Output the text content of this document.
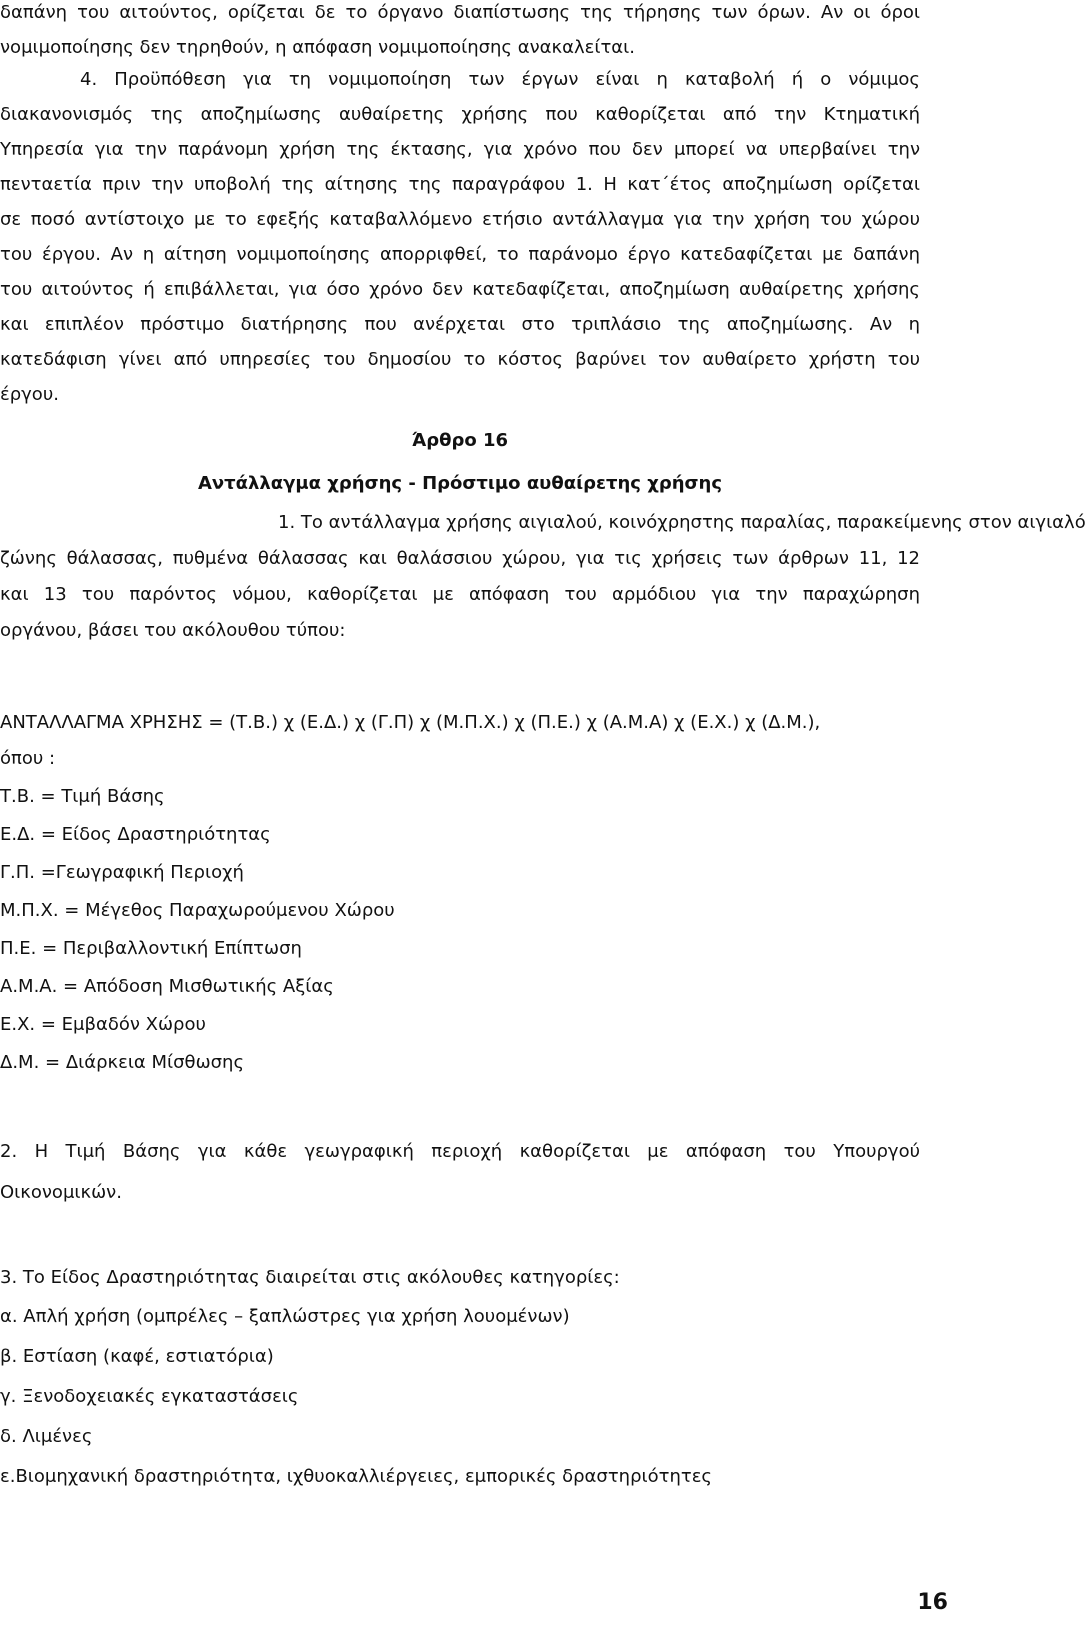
δαπάνη του αιτούντος, ορίζεται δε το όργανο διαπίστωσης της τήρησης των όρων. Αν οι όροι
νομιμοποίησης δεν τηρηθούν, η απόφαση νομιμοποίησης ανακαλείται.
4. Προϋπόθεση για τη νομιμοποίηση των έργων είναι η καταβολή ή ο νόμιμος
διακανονισμός της αποζημίωσης αυθαίρετης χρήσης που καθορίζεται από την Κτηματική
Υπηρεσία για την παράνομη χρήση της έκτασης, για χρόνο που δεν μπορεί να υπερβαίνει την
πενταετία πριν την υποβολή της αίτησης της παραγράφου 1. Η κατ΄έτος αποζημίωση ορίζεται
σε ποσό αντίστοιχο με το εφεξής καταβαλλόμενο ετήσιο αντάλλαγμα για την χρήση του χώρου
του έργου. Αν η αίτηση νομιμοποίησης απορριφθεί, το παράνομο έργο κατεδαφίζεται με δαπάνη
του αιτούντος ή επιβάλλεται, για όσο χρόνο δεν κατεδαφίζεται, αποζημίωση αυθαίρετης χρήσης
και επιπλέον πρόστιμο διατήρησης που ανέρχεται στο τριπλάσιο της αποζημίωσης. Αν η
κατεδάφιση γίνει από υπηρεσίες του δημοσίου το κόστος βαρύνει τον αυθαίρετο χρήστη του
έργου.
Άρθρο 16
Αντάλλαγμα χρήσης - Πρόστιμο αυθαίρετης χρήσης
1. Το αντάλλαγμα χρήσης αιγιαλού, κοινόχρηστης παραλίας, παρακείμενης στον αιγιαλό
ζώνης θάλασσας, πυθμένα θάλασσας και θαλάσσιου χώρου, για τις χρήσεις των άρθρων 11, 12
και 13 του παρόντος νόμου, καθορίζεται με απόφαση του αρμόδιου για την παραχώρηση
οργάνου, βάσει του ακόλουθου τύπου:
ΑΝΤΑΛΛΑΓΜΑ ΧΡΗΣΗΣ = (Τ.Β.) χ (Ε.Δ.) χ (Γ.Π) χ (Μ.Π.Χ.) χ (Π.Ε.) χ (Α.Μ.Α) χ (Ε.Χ.) χ (Δ.Μ.),
όπου :
Τ.Β. = Τιμή Βάσης
Ε.Δ. = Είδος Δραστηριότητας
Γ.Π. =Γεωγραφική Περιοχή
Μ.Π.Χ. = Μέγεθος Παραχωρούμενου Χώρου
Π.Ε. = Περιβαλλοντική Επίπτωση
Α.Μ.Α. = Απόδοση Μισθωτικής Αξίας
Ε.Χ. = Εμβαδόν Χώρου
Δ.Μ. = Διάρκεια Μίσθωσης
2. Η Τιμή Βάσης για κάθε γεωγραφική περιοχή καθορίζεται με απόφαση του Υπουργού
Οικονομικών.
3. Το Είδος Δραστηριότητας διαιρείται στις ακόλουθες κατηγορίες:
α. Απλή χρήση (ομπρέλες – ξαπλώστρες για χρήση λουομένων)
β. Εστίαση (καφέ, εστιατόρια)
γ. Ξενοδοχειακές εγκαταστάσεις
δ. Λιμένες
ε.Βιομηχανική δραστηριότητα, ιχθυοκαλλιέργειες, εμπορικές δραστηριότητες
16
